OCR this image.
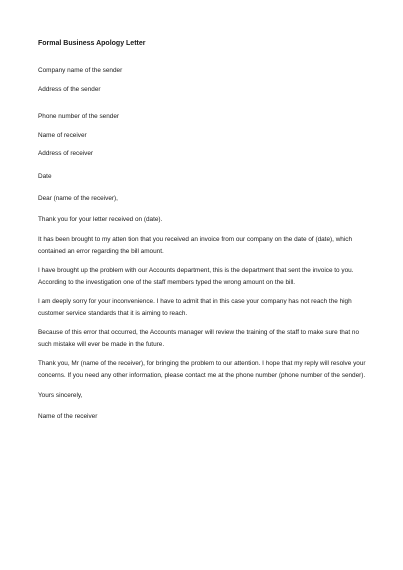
Formal Business Apology Letter
Company name of the sender
Address of the sender
Phone number of the sender
Name of receiver
Address of receiver
Date
Dear (name of the receiver),

Thank you for your letter received on (date).

It has been brought to my atten tion that you received an invoice from our company on the date of (date), which contained an error regarding the bill amount.

I have brought up the problem with our Accounts department, this is the department that sent the invoice to you. According to the investigation one of the staff members typed the wrong amount on the bill.

I am deeply sorry for your inconvenience. I have to admit that in this case your company has not reach the high customer service standards that it is aiming to reach.

Because of this error that occurred, the Accounts manager will review the training of the staff to make sure that no such mistake will ever be made in the future.

Thank you, Mr (name of the receiver), for bringing the problem to our attention. I hope that my reply will resolve your concerns. If you need any other information, please contact me at the phone number (phone number of the sender).

Yours sincerely,
Name of the receiver
